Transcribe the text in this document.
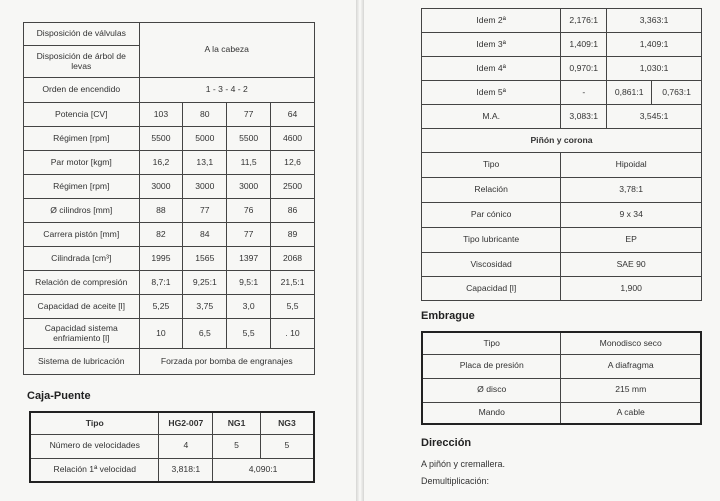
Disposición de válvulas	A la cabeza			
Disposición de árbol de levas				
Orden de encendido	1 - 3 - 4 - 2			
Potencia [CV]	103	80	77	64
Régimen [rpm]	5500	5000	5500	4600
Par motor [kgm]	16,2	13,1	11,5	12,6
Régimen [rpm]	3000	3000	3000	2500
Ø cilindros [mm]	88	77	76	86
Carrera pistón [mm]	82	84	77	89
Cilindrada [cm³]	1995	1565	1397	2068
Relación de compresión	8,7:1	9,25:1	9,5:1	21,5:1
Capacidad de aceite [l]	5,25	3,75	3,0	5,5
Capacidad sistema enfriamiento [l]	10	6,5	5,5	. 10
Sistema de lubricación	Forzada por bomba de engranajes			
Caja-Puente
Tipo	HG2-007	NG1	NG3
Número de velocidades	4	5	5
Relación 1ª velocidad	3,818:1	4,090:1	
Idem 2ª	2,176:1	3,363:1	
Idem 3ª	1,409:1	1,409:1	
Idem 4ª	0,970:1	1,030:1	
Idem 5ª	-	0,861:1	0,763:1
M.A.	3,083:1	3,545:1	
Piñón y corona			
Tipo	Hipoidal		
Relación	3,78:1		
Par cónico	9 x 34		
Tipo lubricante	EP		
Viscosidad	SAE 90		
Capacidad [l]	1,900		
Embrague
Tipo	Monodisco seco
Placa de presión	A diafragma
Ø disco	215 mm
Mando	A cable
Dirección

A piñón y cremallera.

Demultiplicación:
